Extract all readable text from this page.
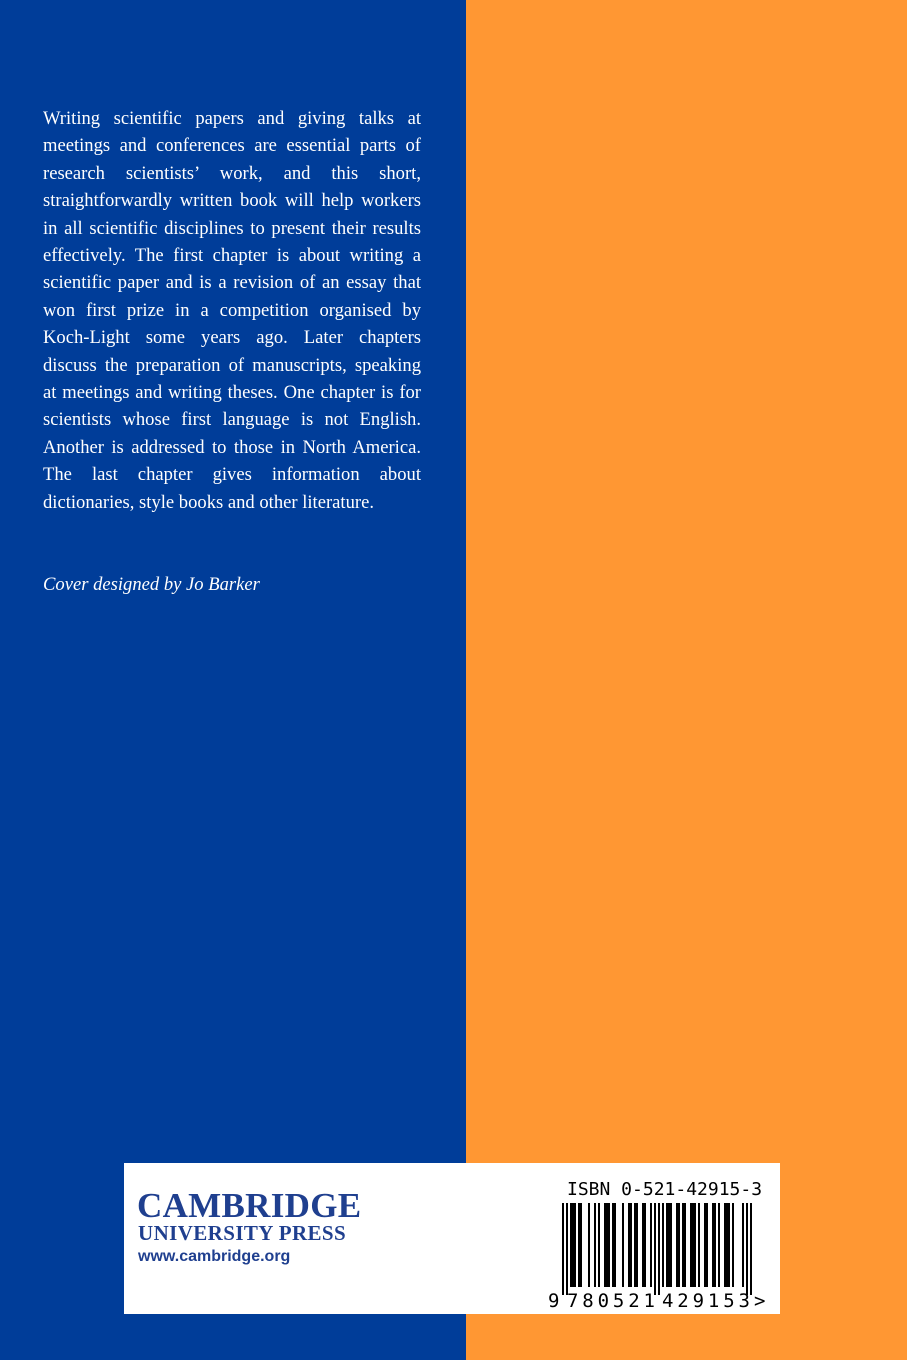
Writing scientific papers and giving talks at meetings and conferences are essential parts of research scientists’ work, and this short, straightforwardly written book will help workers in all scientific disciplines to present their results effectively. The first chapter is about writing a scientific paper and is a revision of an essay that won first prize in a competition organised by Koch-Light some years ago. Later chapters discuss the preparation of manuscripts, speaking at meetings and writing theses. One chapter is for scientists whose first language is not English. Another is addressed to those in North America. The last chapter gives information about dictionaries, style books and other literature.

Cover designed by Jo Barker

CAMBRIDGE

UNIVERSITY PRESS

www.cambridge.org

ISBN 0-521-42915-3

9 780521 429153 >
